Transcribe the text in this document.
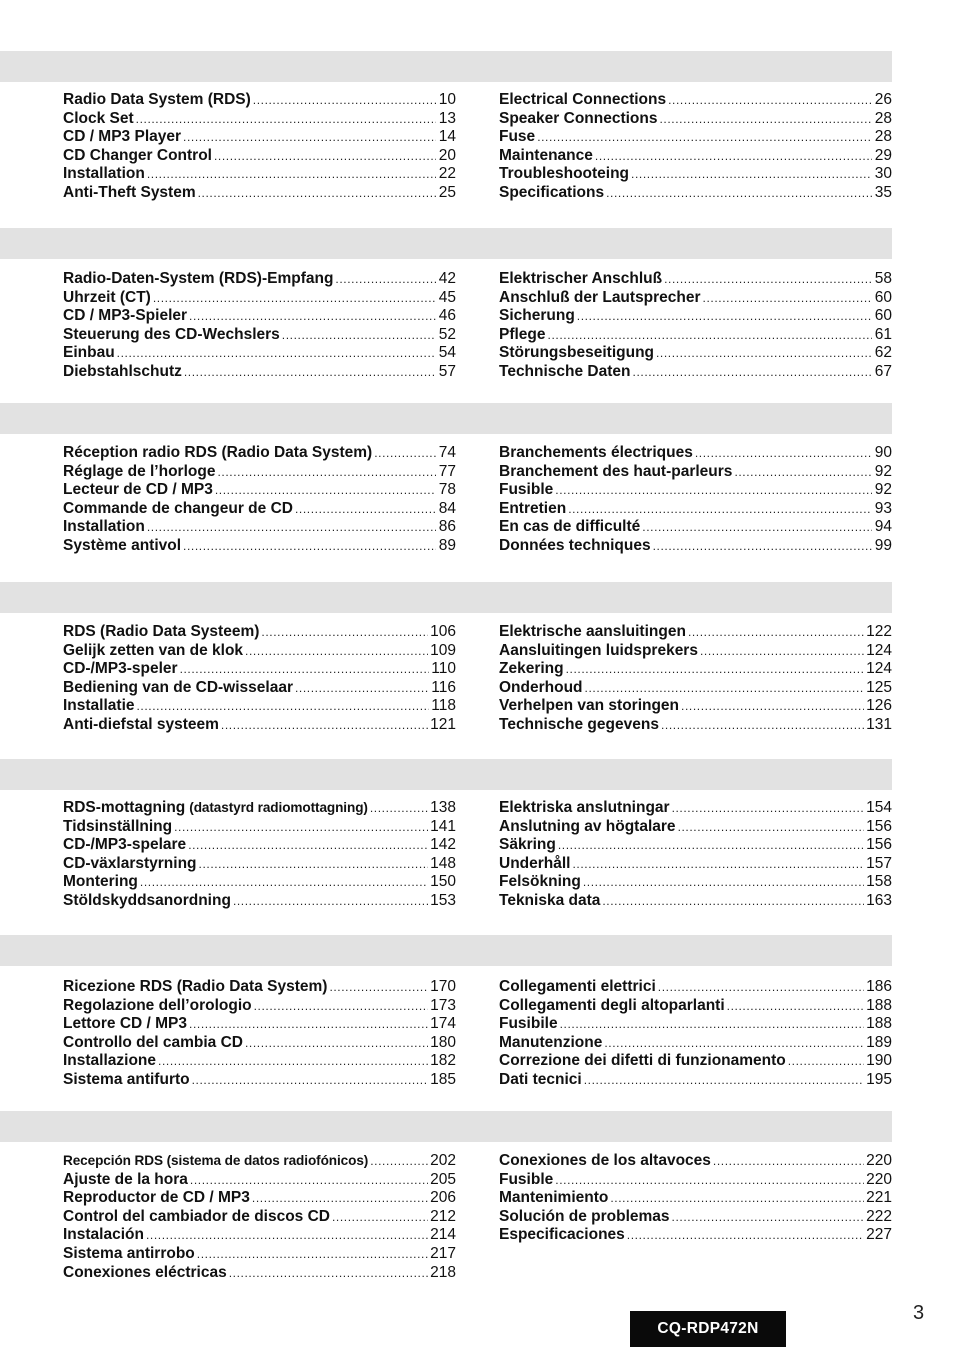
Radio Data System (RDS) .....	10
Clock Set .....	13
CD / MP3 Player .....	14
CD Changer Control .....	20
Installation .....	22
Anti-Theft System .....	25
Electrical Connections .....	26
Speaker Connections .....	28
Fuse .....	28
Maintenance .....	29
Troubleshooteing .....	30
Specifications .....	35
Radio-Daten-System (RDS)-Empfang .....	42
Uhrzeit (CT) .....	45
CD / MP3-Spieler .....	46
Steuerung des CD-Wechslers .....	52
Einbau .....	54
Diebstahlschutz .....	57
Elektrischer Anschluß .....	58
Anschluß der Lautsprecher .....	60
Sicherung .....	60
Pflege .....	61
Störungsbeseitigung .....	62
Technische Daten .....	67
Réception radio RDS (Radio Data System) .....	74
Réglage de l’horloge .....	77
Lecteur de CD / MP3 .....	78
Commande de changeur de CD .....	84
Installation .....	86
Système antivol .....	89
Branchements électriques .....	90
Branchement des haut-parleurs .....	92
Fusible .....	92
Entretien .....	93
En cas de difficulté .....	94
Données techniques .....	99
RDS (Radio Data Systeem) .....	106
Gelijk zetten van de klok .....	109
CD-/MP3-speler .....	110
Bediening van de CD-wisselaar .....	116
Installatie .....	118
Anti-diefstal systeem .....	121
Elektrische aansluitingen .....	122
Aansluitingen luidsprekers .....	124
Zekering .....	124
Onderhoud .....	125
Verhelpen van storingen .....	126
Technische gegevens .....	131
RDS-mottagning (datastyrd radiomottagning) .....	138
Tidsinställning .....	141
CD-/MP3-spelare .....	142
CD-växlarstyrning .....	148
Montering .....	150
Stöldskyddsanordning .....	153
Elektriska anslutningar .....	154
Anslutning av högtalare .....	156
Säkring .....	156
Underhåll .....	157
Felsökning .....	158
Tekniska data .....	163
Ricezione RDS (Radio Data System) .....	170
Regolazione dell’orologio .....	173
Lettore CD / MP3 .....	174
Controllo del cambia CD .....	180
Installazione .....	182
Sistema antifurto .....	185
Collegamenti elettrici .....	186
Collegamenti degli altoparlanti .....	188
Fusibile .....	188
Manutenzione .....	189
Correzione dei difetti di funzionamento .....	190
Dati tecnici .....	195
Recepción RDS (sistema de datos radiofónicos) .....	202
Ajuste de la hora .....	205
Reproductor de CD / MP3 .....	206
Control del cambiador de discos CD .....	212
Instalación .....	214
Sistema antirrobo .....	217
Conexiones eléctricas .....	218
Conexiones de los altavoces .....	220
Fusible .....	220
Mantenimiento .....	221
Solución de problemas .....	222
Especificaciones .....	227
CQ-RDP472N
3
